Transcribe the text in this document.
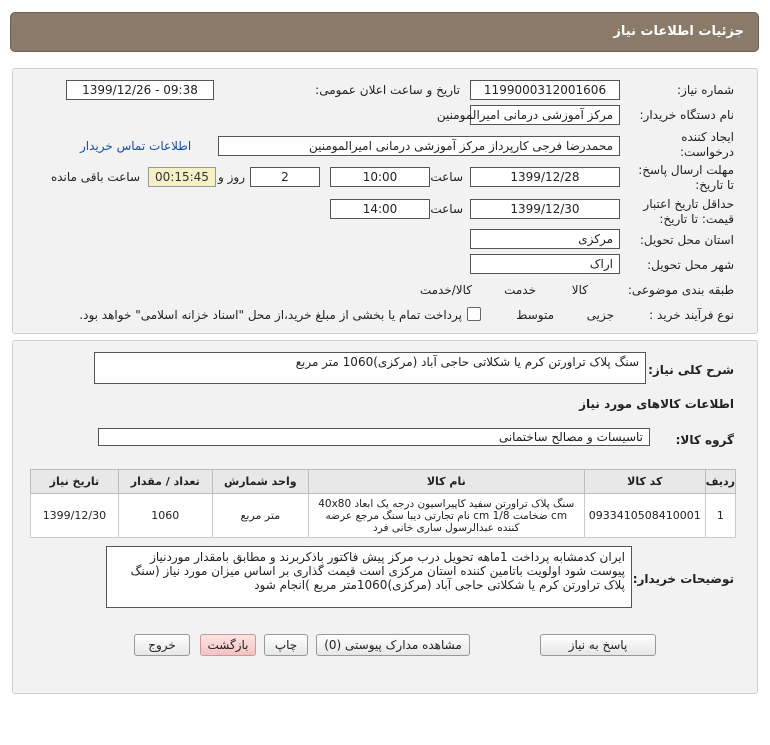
جزئیات اطلاعات نیاز
شماره نیاز:
1199000312001606
تاریخ و ساعت اعلان عمومی:
1399/12/26 - 09:38
نام دستگاه خریدار:
مرکز آموزشی درمانی امیرالمومنین
ایجاد کننده
درخواست:
محمدرضا فرجی کارپرداز مرکز آموزشی درمانی امیرالمومنین
اطلاعات تماس خریدار
مهلت ارسال پاسخ:
تا تاریخ:
1399/12/28
ساعت
10:00
2
روز و
00:15:45
ساعت باقی مانده
حداقل تاریخ اعتبار
قیمت: تا تاریخ:
1399/12/30
ساعت
14:00
استان محل تحویل:
مرکزی
شهر محل تحویل:
اراک
طبقه بندی موضوعی:

کالا

خدمت

کالا/خدمت
نوع فرآیند خرید :

جزیی
متوسط
پرداخت تمام یا بخشی از مبلغ خرید،از محل "اسناد خزانه اسلامی" خواهد بود.
شرح کلی نیاز:
سنگ پلاک تراورتن کرم یا شکلاتی حاجی آباد (مرکزی)1060 متر مربع
اطلاعات کالاهای مورد نیاز
گروه کالا:
تاسیسات و مصالح ساختمانی
ردیف	کد کالا	نام کالا	واحد شمارش	تعداد / مقدار	تاریخ نیاز
1	0933410508410001	سنگ پلاک تراورتن سفید کاپیراسیون درجه یک ابعاد 40x80 cm ضخامت 1/8 cm نام تجارتی دیبا سنگ مرجع عرضه کننده عبدالرسول ساری خانی فرد	متر مربع	1060	1399/12/30
توضیحات خریدار:
ایران کدمشابه پرداخت 1ماهه تحویل درب مرکز پیش فاکتور باذکربرند و مطابق بامقدار موردنیاز پیوست شود اولویت باتامین کننده استان مرکزی است قیمت گذاری بر اساس میزان مورد نیاز (سنگ پلاک تراورتن کرم یا شکلاتی حاجی آباد (مرکزی)1060متر مربع )انجام شود
پاسخ به نیاز
مشاهده مدارک پیوستی (0)
چاپ
بازگشت
خروج
